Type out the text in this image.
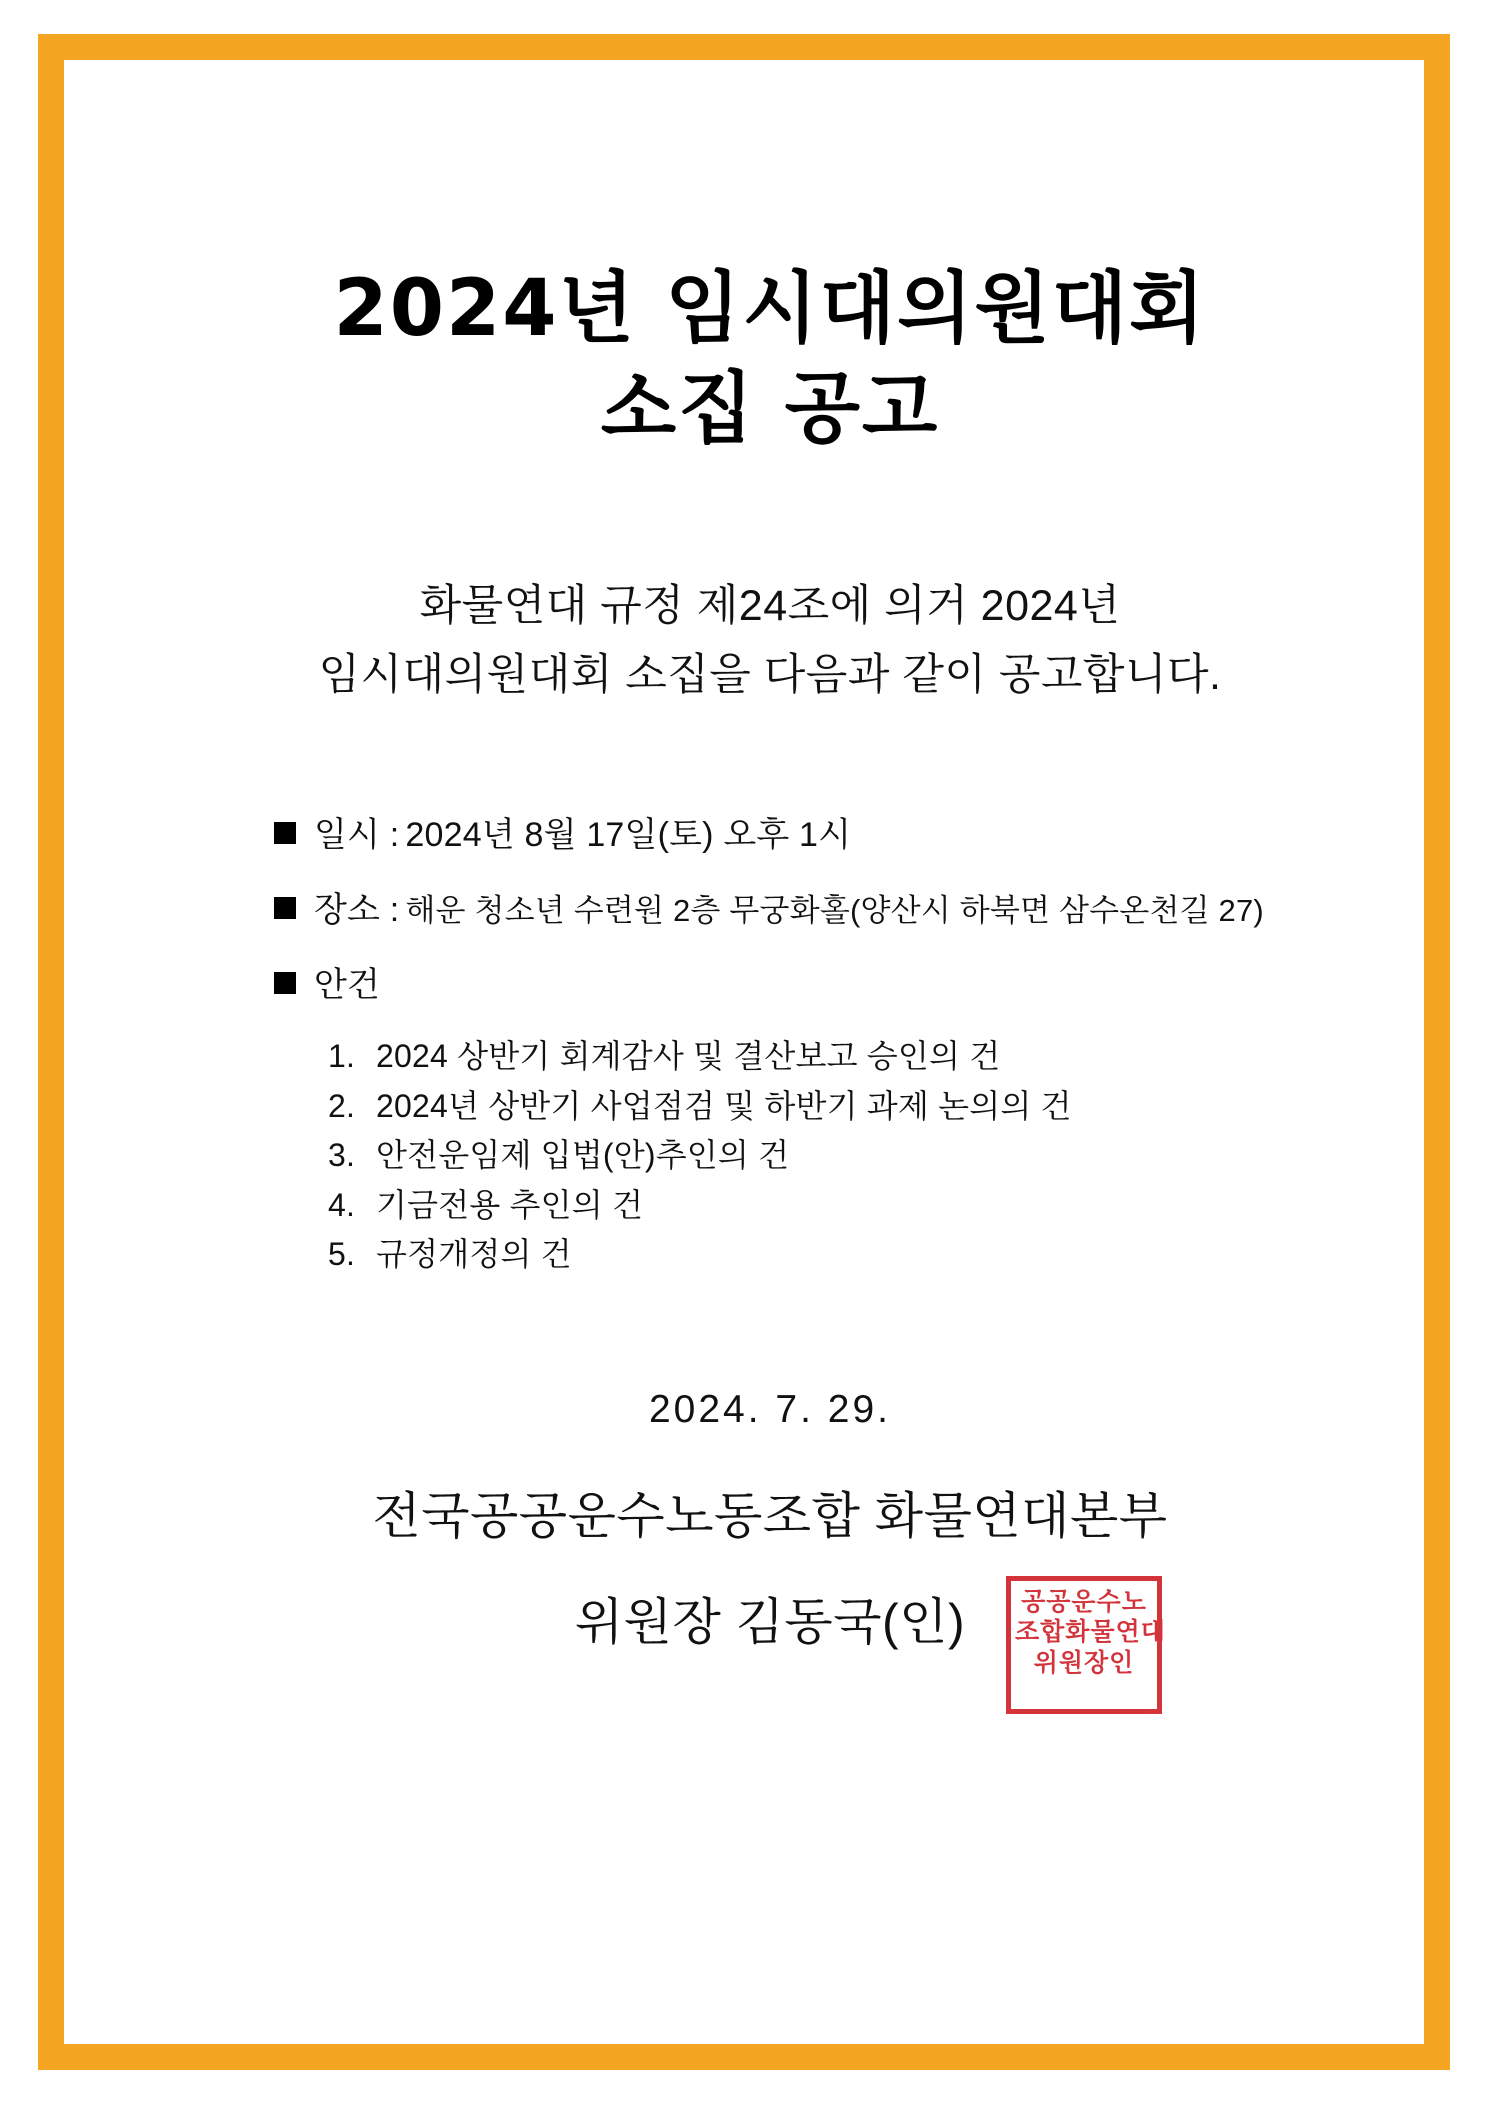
2024년 임시대의원대회
소집 공고
화물연대 규정 제24조에 의거 2024년
임시대의원대회 소집을 다음과 같이 공고합니다.
일시 : 2024년 8월 17일(토) 오후 1시
장소 : 해운 청소년 수련원 2층 무궁화홀(양산시 하북면 삼수온천길 27)
안건
1. 2024 상반기 회계감사 및 결산보고 승인의 건
2. 2024년 상반기 사업점검 및 하반기 과제 논의의 건
3. 안전운임제 입법(안)추인의 건
4. 기금전용 추인의 건
5. 규정개정의 건
2024. 7. 29.
전국공공운수노동조합 화물연대본부
위원장 김동국(인) 공공운수노
조합화물연대
위원장인
